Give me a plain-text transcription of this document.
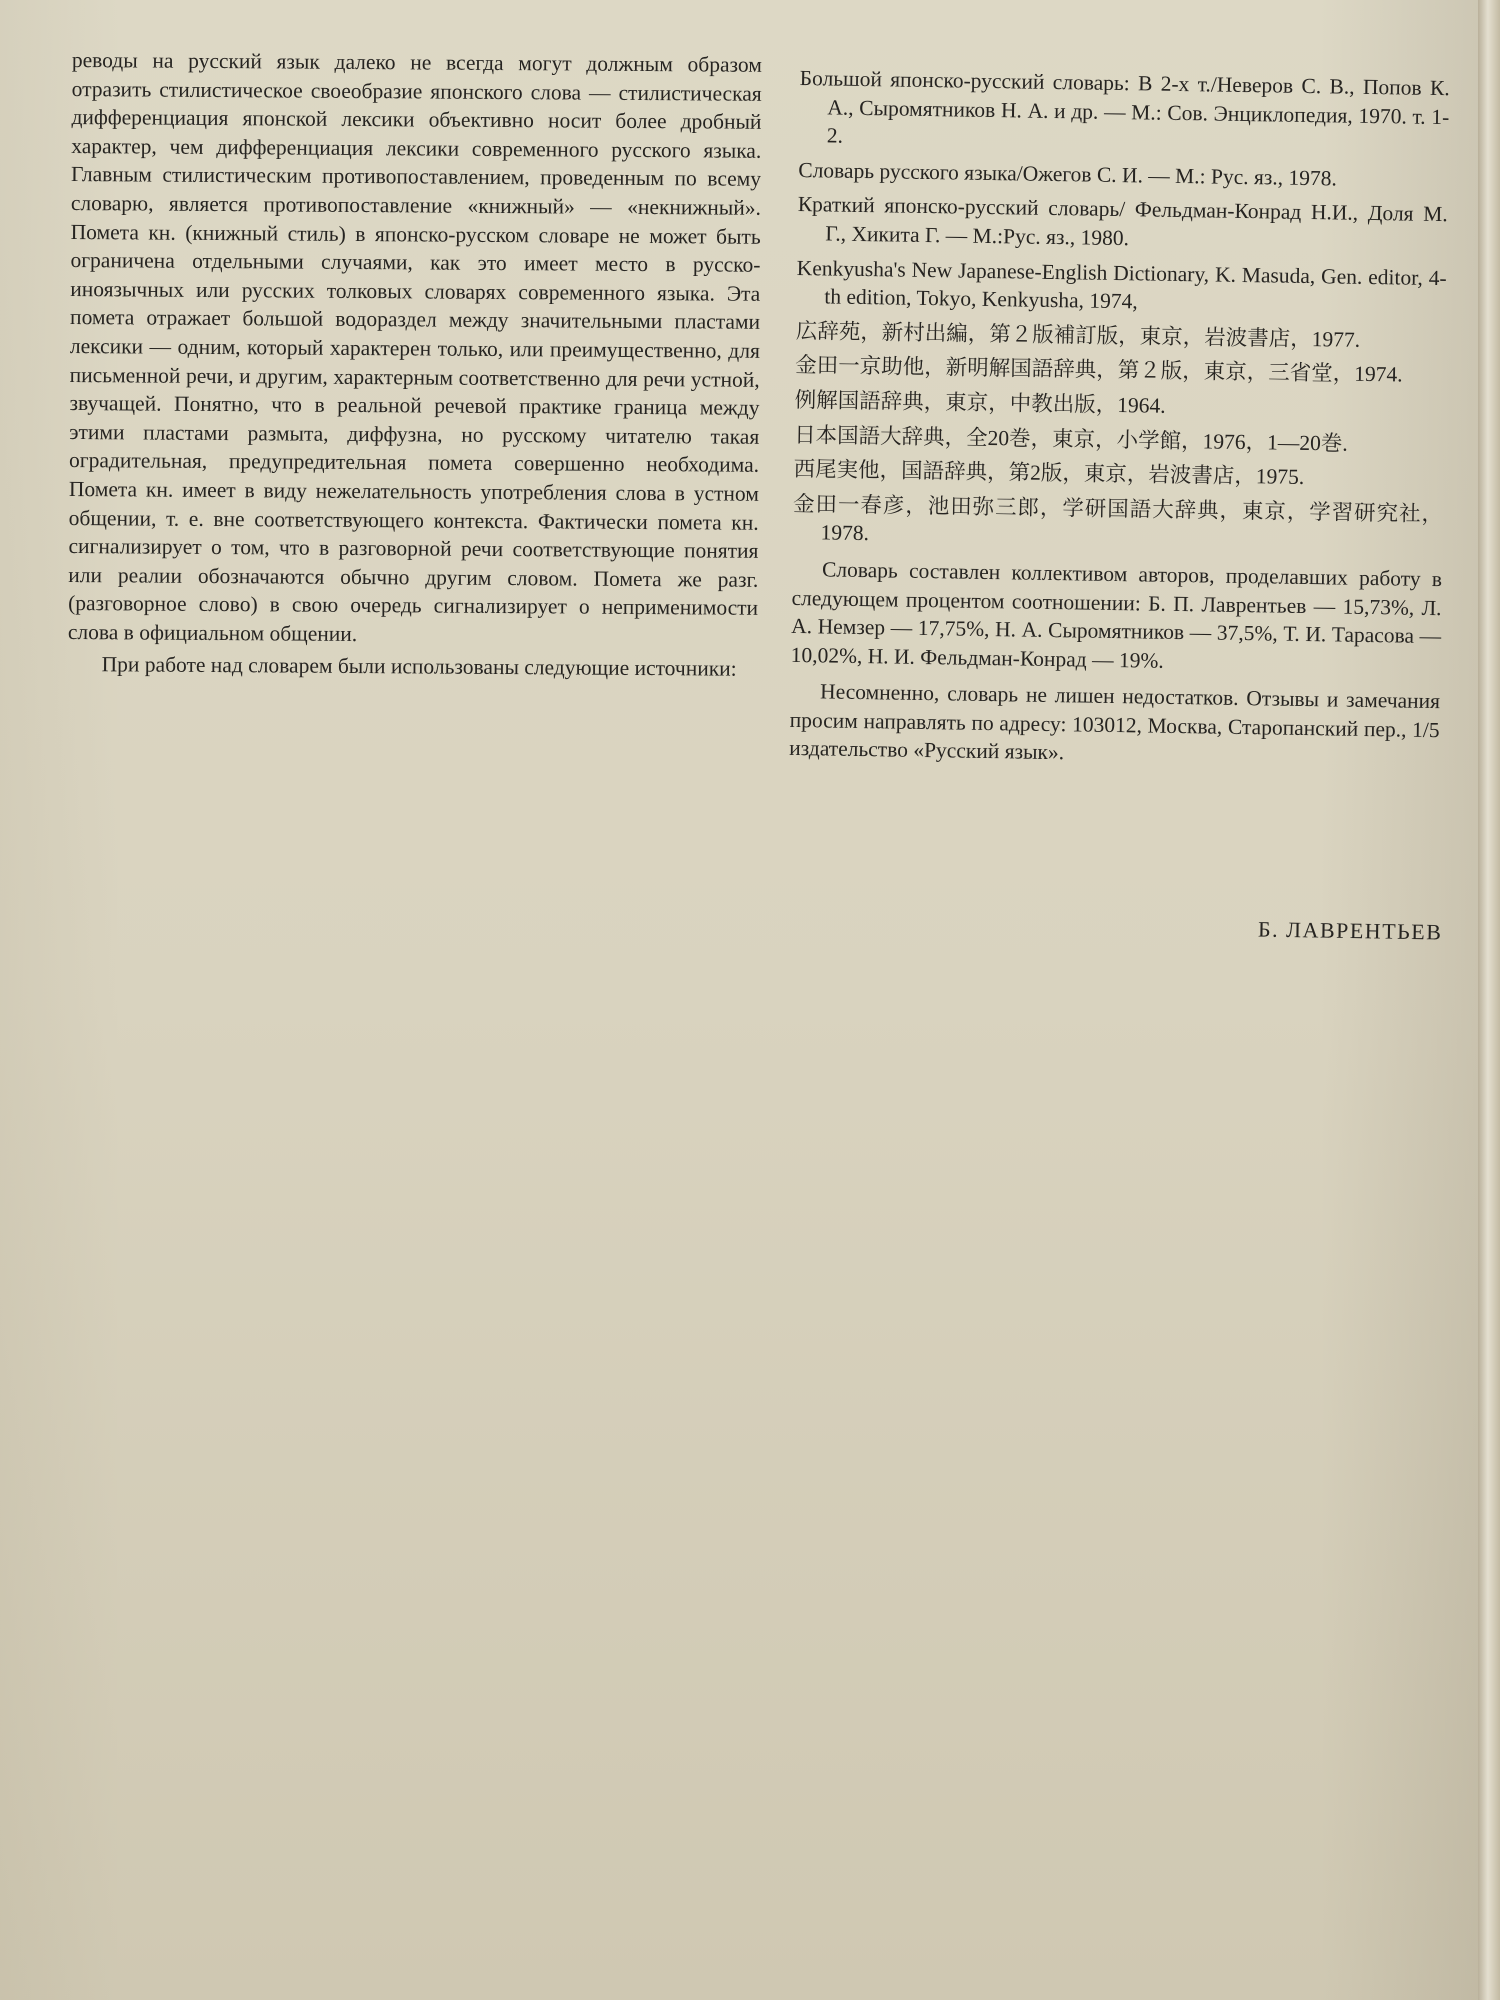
реводы на русский язык далеко не всегда могут должным образом отразить стилистическое своеобразие японского слова — стилистическая дифференциация японской лексики объективно носит более дробный характер, чем дифференциация лексики современного русского языка. Главным стилистическим противопоставлением, проведенным по всему словарю, является противопоставление «книжный» — «некнижный». Помета кн. (книжный стиль) в японско-русском словаре не может быть ограничена отдельными случаями, как это имеет место в русско-иноязычных или русских толковых словарях современного языка. Эта помета отражает большой водораздел между значительными пластами лексики — одним, который характерен только, или преимущественно, для письменной речи, и другим, характерным соответственно для речи устной, звучащей. Понятно, что в реальной речевой практике граница между этими пластами размыта, диффузна, но русскому читателю такая оградительная, предупредительная помета совершенно необходима. Помета кн. имеет в виду нежелательность употребления слова в устном общении, т. е. вне соответствующего контекста. Фактически помета кн. сигнализирует о том, что в разговорной речи соответствующие понятия или реалии обозначаются обычно другим словом. Помета же разг. (разговорное слово) в свою очередь сигнализирует о неприменимости слова в официальном общении.

При работе над словарем были использованы следующие источники:

Большой японско-русский словарь: В 2-х т./Неверов С. В., Попов К. А., Сыромятников Н. А. и др. — М.: Сов. Энциклопедия, 1970. т. 1-2.

Словарь русского языка/Ожегов С. И. — М.: Рус. яз., 1978.

Краткий японско-русский словарь/ Фельдман-Конрад Н.И., Доля М. Г., Хикита Г. — М.:Рус. яз., 1980.

Kenkyusha's New Japanese-English Dictionary, K. Masuda, Gen. editor, 4-th edition, Tokyo, Kenkyusha, 1974,

広辞苑，新村出編，第２版補訂版，東京，岩波書店，1977.

金田一京助他，新明解国語辞典，第２版，東京，三省堂，1974.

例解国語辞典，東京，中教出版，1964.

日本国語大辞典，全20巻，東京，小学館，1976，1—20巻.

西尾実他，国語辞典，第2版，東京，岩波書店，1975.

金田一春彦，池田弥三郎，学研国語大辞典，東京，学習研究社，1978.

Словарь составлен коллективом авторов, проделавших работу в следующем процентом соотношении: Б. П. Лаврентьев — 15,73%, Л. А. Немзер — 17,75%, Н. А. Сыромятников — 37,5%, Т. И. Тарасова — 10,02%, Н. И. Фельдман-Конрад — 19%.

Несомненно, словарь не лишен недостатков. Отзывы и замечания просим направлять по адресу: 103012, Москва, Старопанский пер., 1/5 издательство «Русский язык».

Б. ЛАВРЕНТЬЕВ
